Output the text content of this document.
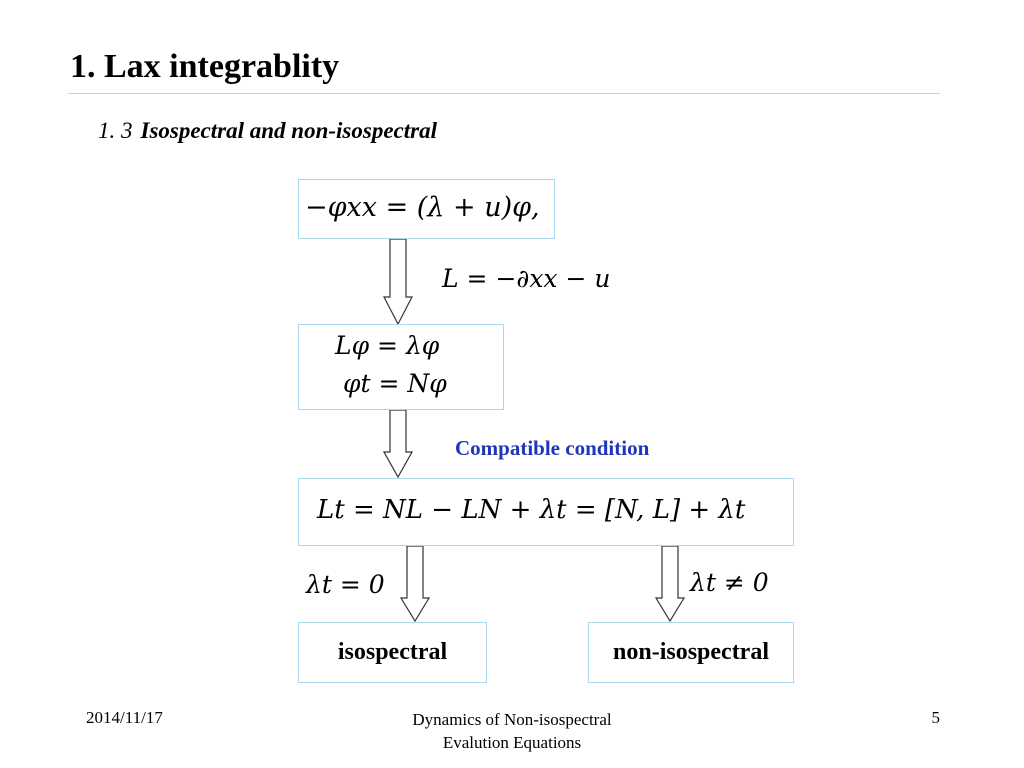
1. Lax integrablity
1. 3 Isospectral and non-isospectral
−φxx = (λ + u)φ,
L = −∂xx − u
Lφ = λφ
φt = Nφ
Compatible condition
Lt = NL − LN + λt = [N, L] + λt
λt = 0	λt ≠ 0
isospectral	non-isospectral
2014/11/17	Dynamics of Non-isospectral
Evalution Equations
5
